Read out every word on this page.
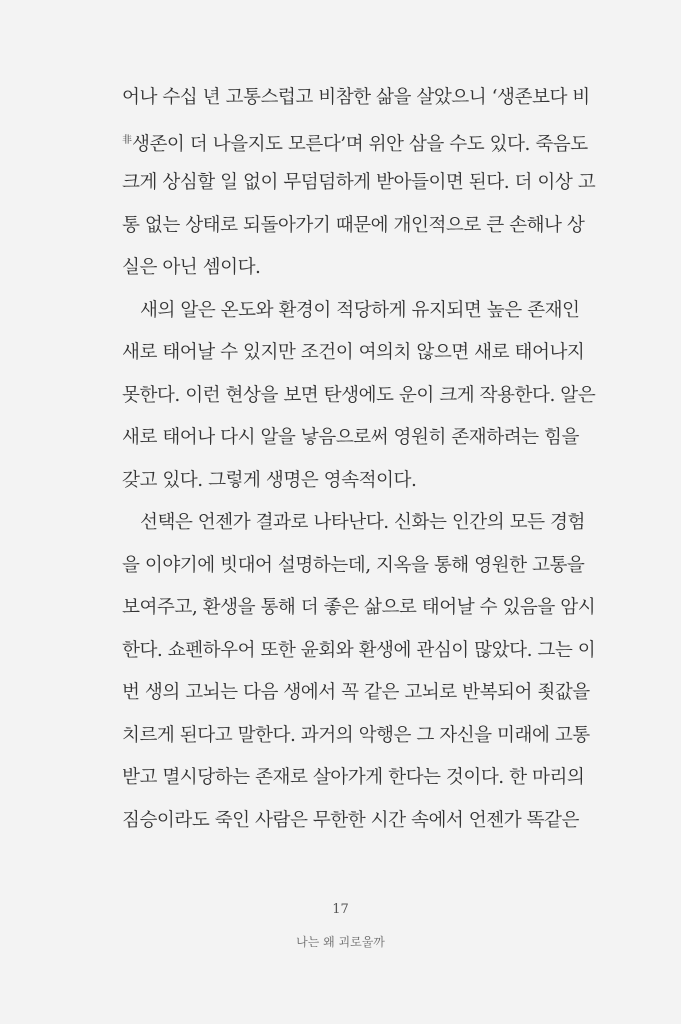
어나 수십 년 고통스럽고 비참한 삶을 살았으니 ‘생존보다 비
$^非$생존이 더 나을지도 모른다’며 위안 삼을 수도 있다. 죽음도
크게 상심할 일 없이 무덤덤하게 받아들이면 된다. 더 이상 고
통 없는 상태로 되돌아가기 때문에 개인적으로 큰 손해나 상
실은 아닌 셈이다.
새의 알은 온도와 환경이 적당하게 유지되면 높은 존재인
새로 태어날 수 있지만 조건이 여의치 않으면 새로 태어나지
못한다. 이런 현상을 보면 탄생에도 운이 크게 작용한다. 알은
새로 태어나 다시 알을 낳음으로써 영원히 존재하려는 힘을
갖고 있다. 그렇게 생명은 영속적이다.
선택은 언젠가 결과로 나타난다. 신화는 인간의 모든 경험
을 이야기에 빗대어 설명하는데, 지옥을 통해 영원한 고통을
보여주고, 환생을 통해 더 좋은 삶으로 태어날 수 있음을 암시
한다. 쇼펜하우어 또한 윤회와 환생에 관심이 많았다. 그는 이
번 생의 고뇌는 다음 생에서 꼭 같은 고뇌로 반복되어 죗값을
치르게 된다고 말한다. 과거의 악행은 그 자신을 미래에 고통
받고 멸시당하는 존재로 살아가게 한다는 것이다. 한 마리의
짐승이라도 죽인 사람은 무한한 시간 속에서 언젠가 똑같은
17
나는 왜 괴로울까
